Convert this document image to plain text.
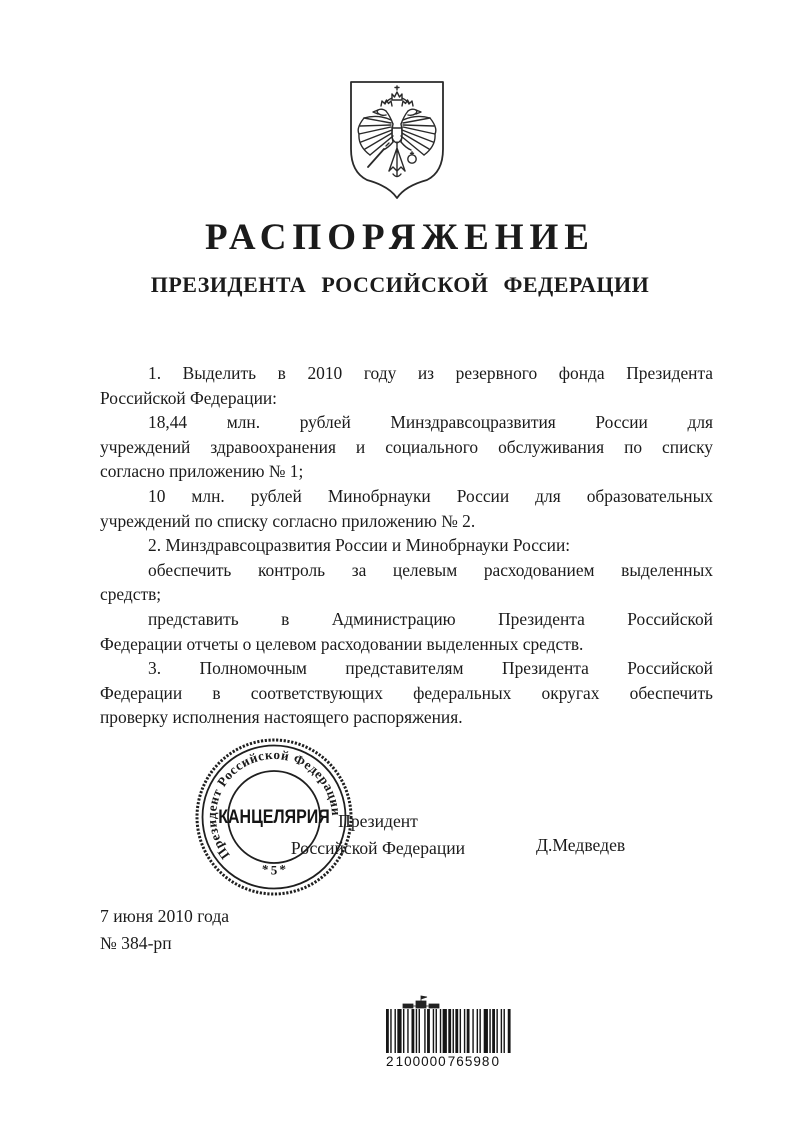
РАСПОРЯЖЕНИЕ
ПРЕЗИДЕНТА РОССИЙСКОЙ ФЕДЕРАЦИИ
1. Выделить в 2010 году из резервного фонда Президента
Российской Федерации:
18,44 млн. рублей Минздравсоцразвития России для
учреждений здравоохранения и социального обслуживания по списку
согласно приложению № 1;
10 млн. рублей Минобрнауки России для образовательных
учреждений по списку согласно приложению № 2.
2. Минздравсоцразвития России и Минобрнауки России:
обеспечить контроль за целевым расходованием выделенных
средств;
представить в Администрацию Президента Российской
Федерации отчеты о целевом расходовании выделенных средств.
3. Полномочным представителям Президента Российской
Федерации в соответствующих федеральных округах обеспечить
проверку исполнения настоящего распоряжения.
Президент Российской Федерации
* 5 *
КАНЦЕЛЯРИЯ Президент
Российской Федерации	Д.Медведев
7 июня 2010 года
№ 384-рп
2 100000 76598 0
